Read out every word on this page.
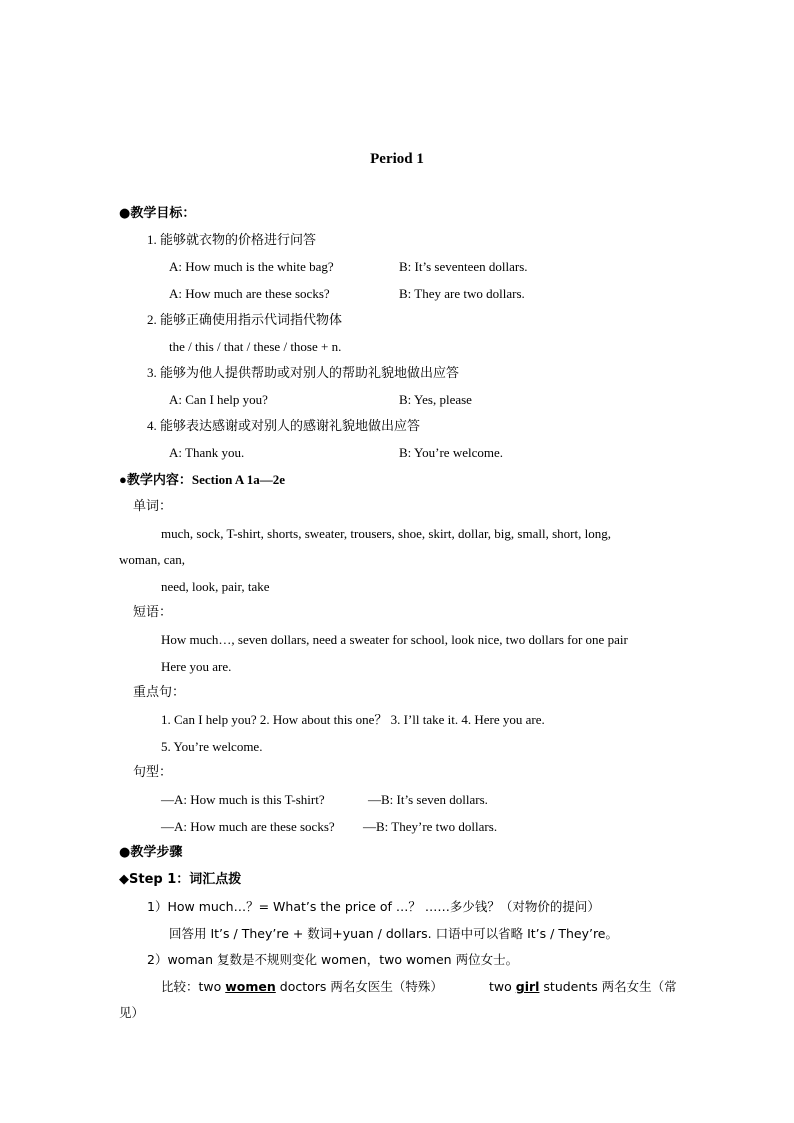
Period 1
●教学目标：
1. 能够就衣物的价格进行问答
A: How much is the white bag?	B: It’s seventeen dollars.
A: How much are these socks?	B: They are two dollars.
2. 能够正确使用指示代词指代物体
the / this / that / these / those + n.
3. 能够为他人提供帮助或对别人的帮助礼貌地做出应答
A: Can I help you?	B: Yes, please
4. 能够表达感谢或对别人的感谢礼貌地做出应答
A: Thank you.	B: You’re welcome.
●教学内容：Section A 1a—2e
单词：
much, sock, T-shirt, shorts, sweater, trousers, shoe, skirt, dollar, big, small, short, long,
woman, can,
need, look, pair, take
短语：
How much…, seven dollars, need a sweater for school, look nice, two dollars for one pair
Here you are.
重点句：
1. Can I help you? 2. How about this one？ 3. I’ll take it. 4. Here you are.
5. You’re welcome.
句型：
—A: How much is this T-shirt?	—B: It’s seven dollars.
—A: How much are these socks? —B: They’re two dollars.
●教学步骤
◆Step 1：词汇点拨
1）How much…？= What’s the price of …？ ……多少钱？（对物价的提问）
回答用 It’s / They’re + 数词+yuan / dollars. 口语中可以省略 It’s / They’re。
2）woman 复数是不规则变化 women，two women 两位女士。
比较：two women doctors 两名女医生（特殊）	two girl students 两名女生（常
见）
